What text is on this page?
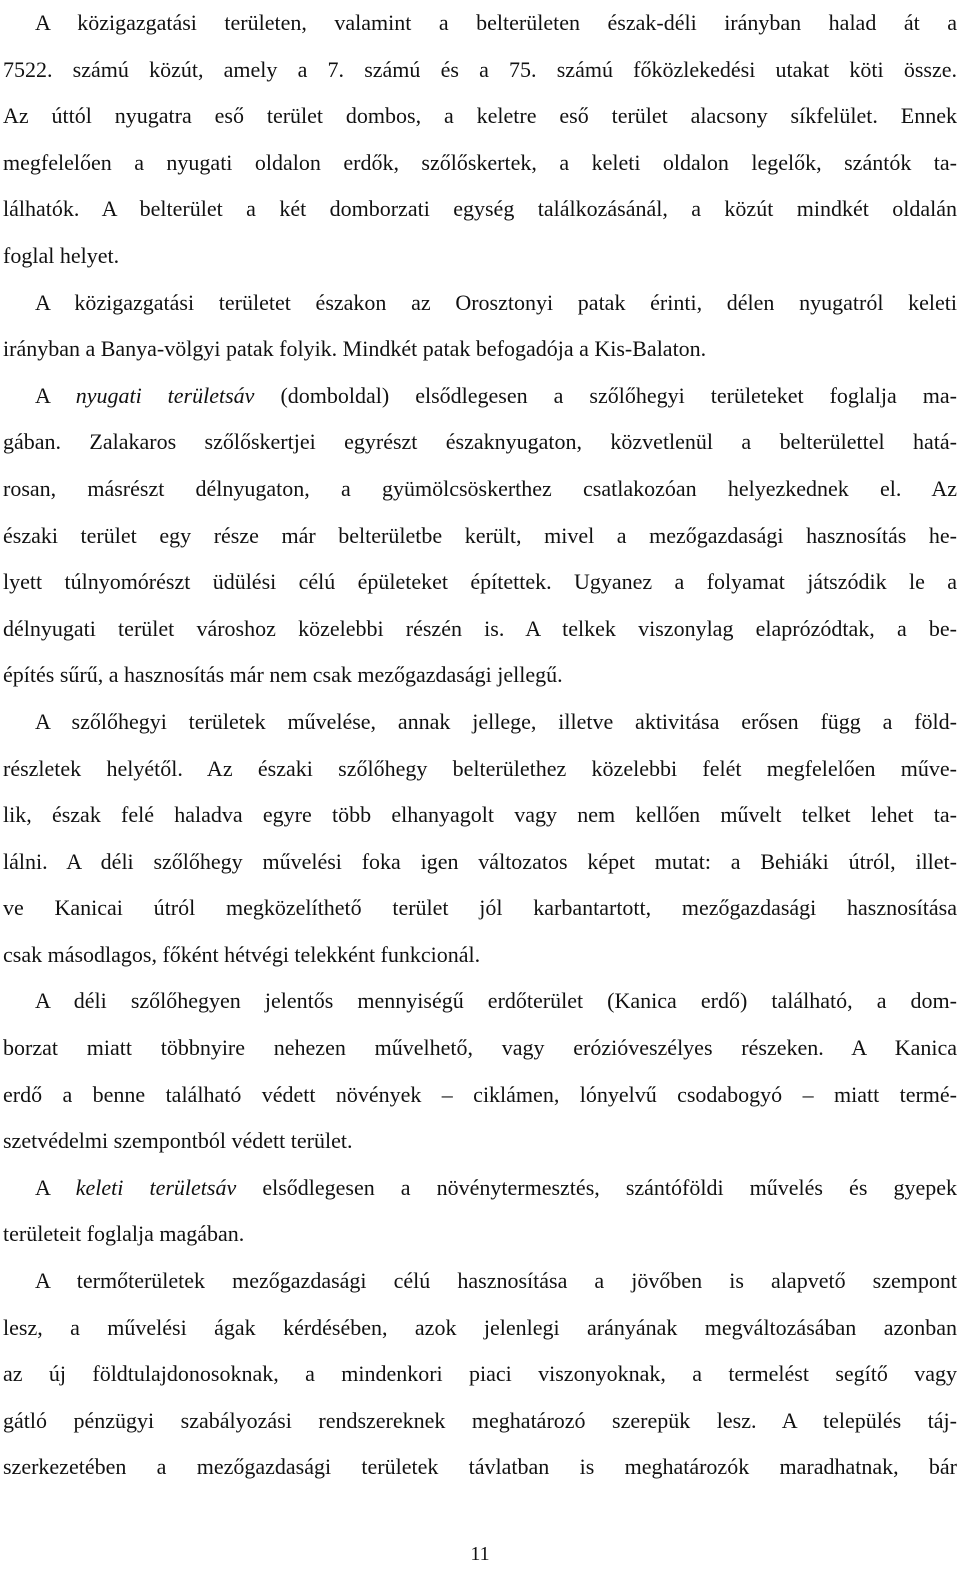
A közigazgatási területen, valamint a belterületen észak-déli irányban halad át a
7522. számú közút, amely a 7. számú és a 75. számú főközlekedési utakat köti össze.
Az úttól nyugatra eső terület dombos, a keletre eső terület alacsony síkfelület. Ennek
megfelelően a nyugati oldalon erdők, szőlőskertek, a keleti oldalon legelők, szántók ta-
lálhatók. A belterület a két domborzati egység találkozásánál, a közút mindkét oldalán
foglal helyet.
A közigazgatási területet északon az Orosztonyi patak érinti, délen nyugatról keleti
irányban a Banya-völgyi patak folyik. Mindkét patak befogadója a Kis-Balaton.
A nyugati területsáv (domboldal) elsődlegesen a szőlőhegyi területeket foglalja ma-
gában. Zalakaros szőlőskertjei egyrészt északnyugaton, közvetlenül a belterülettel hatá-
rosan, másrészt délnyugaton, a gyümölcsöskerthez csatlakozóan helyezkednek el. Az
északi terület egy része már belterületbe került, mivel a mezőgazdasági hasznosítás he-
lyett túlnyomórészt üdülési célú épületeket építettek. Ugyanez a folyamat játszódik le a
délnyugati terület városhoz közelebbi részén is. A telkek viszonylag elaprózódtak, a be-
építés sűrű, a hasznosítás már nem csak mezőgazdasági jellegű.
A szőlőhegyi területek művelése, annak jellege, illetve aktivitása erősen függ a föld-
részletek helyétől. Az északi szőlőhegy belterülethez közelebbi felét megfelelően műve-
lik, észak felé haladva egyre több elhanyagolt vagy nem kellően művelt telket lehet ta-
lálni. A déli szőlőhegy művelési foka igen változatos képet mutat: a Behiáki útról, illet-
ve Kanicai útról megközelíthető terület jól karbantartott, mezőgazdasági hasznosítása
csak másodlagos, főként hétvégi telekként funkcionál.
A déli szőlőhegyen jelentős mennyiségű erdőterület (Kanica erdő) található, a dom-
borzat miatt többnyire nehezen művelhető, vagy erózióveszélyes részeken. A Kanica
erdő a benne található védett növények – ciklámen, lónyelvű csodabogyó – miatt termé-
szetvédelmi szempontból védett terület.
A keleti területsáv elsődlegesen a növénytermesztés, szántóföldi művelés és gyepek
területeit foglalja magában.
A termőterületek mezőgazdasági célú hasznosítása a jövőben is alapvető szempont
lesz, a művelési ágak kérdésében, azok jelenlegi arányának megváltozásában azonban
az új földtulajdonosoknak, a mindenkori piaci viszonyoknak, a termelést segítő vagy
gátló pénzügyi szabályozási rendszereknek meghatározó szerepük lesz. A település táj-
szerkezetében a mezőgazdasági területek távlatban is meghatározók maradhatnak, bár
11
